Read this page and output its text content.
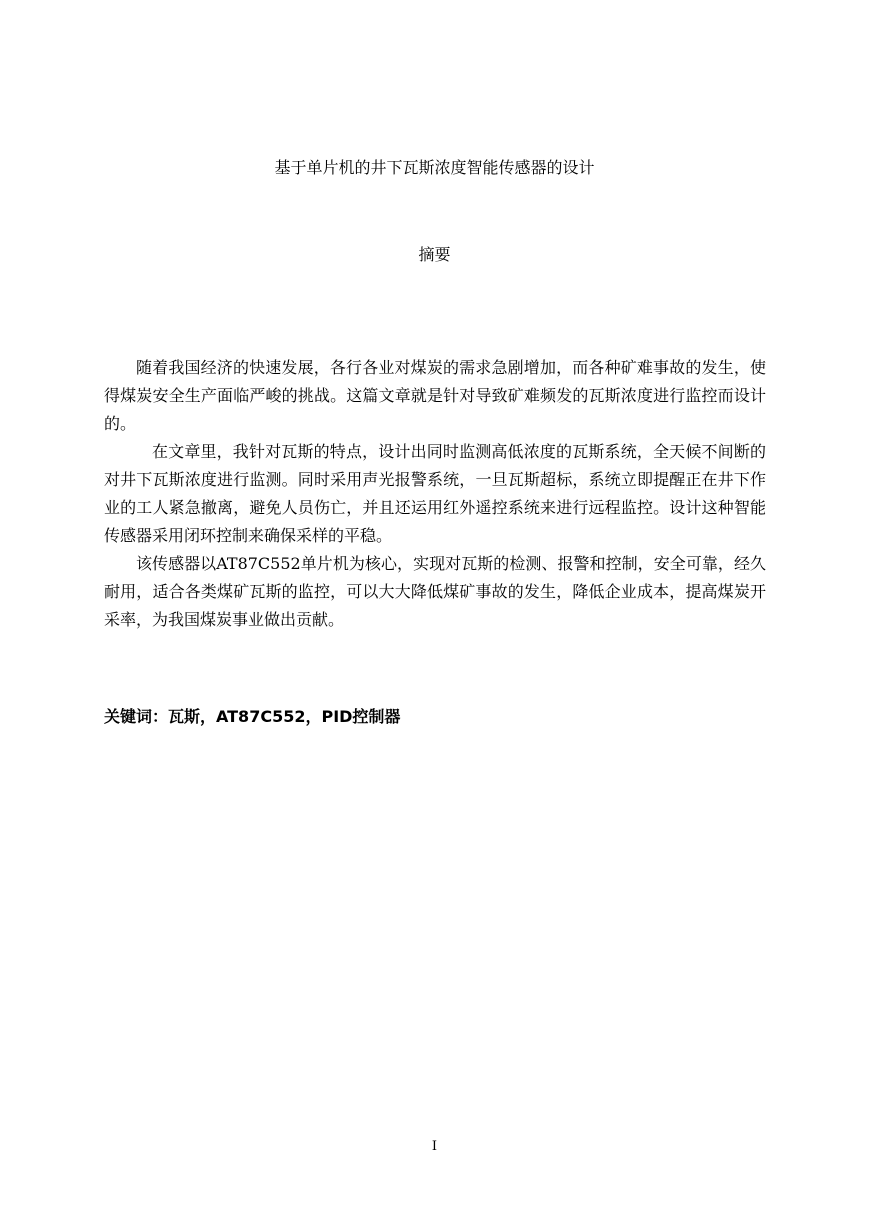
基于单片机的井下瓦斯浓度智能传感器的设计
摘要

随着我国经济的快速发展，各行各业对煤炭的需求急剧增加，而各种矿难事故的发生，使得煤炭安全生产面临严峻的挑战。这篇文章就是针对导致矿难频发的瓦斯浓度进行监控而设计的。

在文章里，我针对瓦斯的特点，设计出同时监测高低浓度的瓦斯系统，全天候不间断的对井下瓦斯浓度进行监测。同时采用声光报警系统，一旦瓦斯超标，系统立即提醒正在井下作业的工人紧急撤离，避免人员伤亡，并且还运用红外遥控系统来进行远程监控。设计这种智能传感器采用闭环控制来确保采样的平稳。

该传感器以AT87C552单片机为核心，实现对瓦斯的检测、报警和控制，安全可靠，经久耐用，适合各类煤矿瓦斯的监控，可以大大降低煤矿事故的发生，降低企业成本，提高煤炭开采率，为我国煤炭事业做出贡献。

关键词：瓦斯，AT87C552，PID控制器
I
